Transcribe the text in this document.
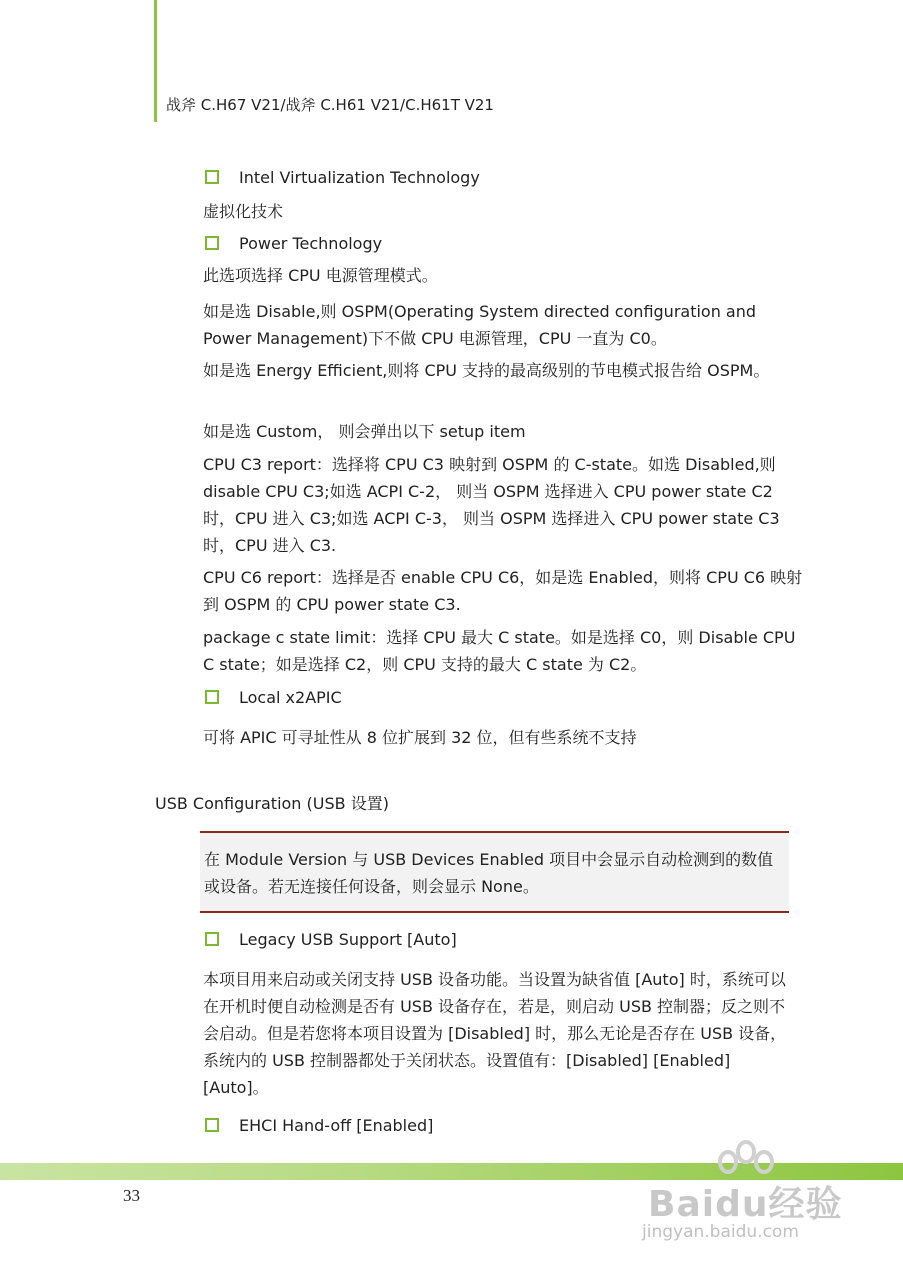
战斧 C.H67 V21/战斧 C.H61 V21/C.H61T V21
Intel Virtualization Technology
虚拟化技术
Power Technology
此选项选择 CPU 电源管理模式。
如是选 Disable,则 OSPM(Operating System directed configuration and Power Management)下不做 CPU 电源管理，CPU 一直为 C0。
如是选 Energy Efficient,则将 CPU 支持的最高级别的节电模式报告给 OSPM。
如是选 Custom， 则会弹出以下 setup item
CPU C3 report：选择将 CPU C3 映射到 OSPM 的 C-state。如选 Disabled,则 disable CPU C3;如选 ACPI C-2， 则当 OSPM 选择进入 CPU power state C2 时，CPU 进入 C3;如选 ACPI C-3， 则当 OSPM 选择进入 CPU power state C3 时，CPU 进入 C3.
CPU C6 report：选择是否 enable CPU C6，如是选 Enabled，则将 CPU C6 映射到 OSPM 的 CPU power state C3.
package c state limit：选择 CPU 最大 C state。如是选择 C0，则 Disable CPU C state；如是选择 C2，则 CPU 支持的最大 C state 为 C2。
Local x2APIC
可将 APIC 可寻址性从 8 位扩展到 32 位，但有些系统不支持
USB Configuration (USB 设置)
在 Module Version 与 USB Devices Enabled 项目中会显示自动检测到的数值或设备。若无连接任何设备，则会显示 None。
Legacy USB Support [Auto]
本项目用来启动或关闭支持 USB 设备功能。当设置为缺省值 [Auto] 时，系统可以在开机时便自动检测是否有 USB 设备存在，若是，则启动 USB 控制器；反之则不会启动。但是若您将本项目设置为 [Disabled] 时，那么无论是否存在 USB 设备，系统内的 USB 控制器都处于关闭状态。设置值有：[Disabled] [Enabled] [Auto]。
EHCI Hand-off [Enabled]
33	Baidu经验
jingyan.baidu.com
